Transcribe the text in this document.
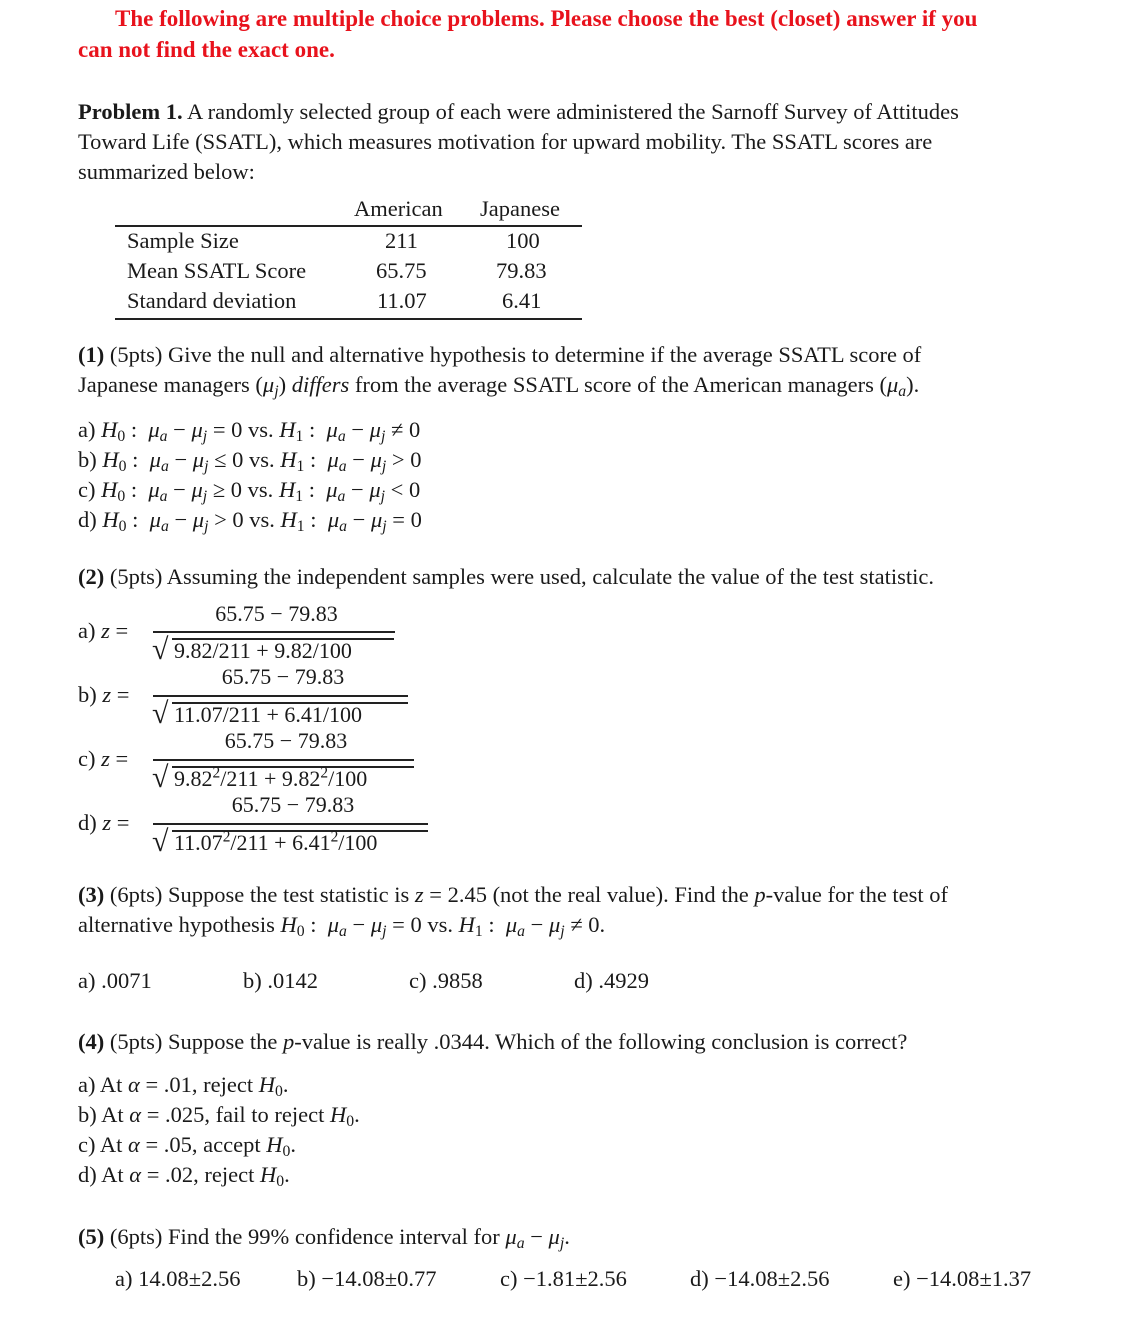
The following are multiple choice problems. Please choose the best (closet) answer if you
can not find the exact one.
Problem 1. A randomly selected group of each were administered the Sarnoff Survey of Attitudes
Toward Life (SSATL), which measures motivation for upward mobility. The SSATL scores are
summarized below:
American Japanese
Sample Size	211	100
Mean SSATL Score	65.75	79.83
Standard deviation	11.07	6.41
(1) (5pts) Give the null and alternative hypothesis to determine if the average SSATL score of
Japanese managers $(\mu_j)$ differs from the average SSATL score of the American managers $(\mu_a)$.
a) $H_0$ :  $\mu_a - \mu_j = 0$ vs. $H_1$ :  $\mu_a - \mu_j \ne 0$
b) $H_0$ :  $\mu_a - \mu_j \le 0$ vs. $H_1$ :  $\mu_a - \mu_j > 0$
c) $H_0$ :  $\mu_a - \mu_j \ge 0$ vs. $H_1$ :  $\mu_a - \mu_j < 0$
d) $H_0$ :  $\mu_a - \mu_j > 0$ vs. $H_1$ :  $\mu_a - \mu_j = 0$
(2) (5pts) Assuming the independent samples were used, calculate the value of the test statistic.
a) z =
65.75 − 79.83
√ 9.82/211 + 9.82/100
b) z =
65.75 − 79.83
√ 11.07/211 + 6.41/100
c) z =
65.75 − 79.83
√ $9.82^2/211 + 9.82^2/100$
d) z =
65.75 − 79.83
√ $11.07^2/211 + 6.41^2/100$
(3) (6pts) Suppose the test statistic is z = 2.45 (not the real value). Find the p-value for the test of
alternative hypothesis $H_0$ :  $\mu_a - \mu_j = 0$ vs. $H_1$ :  $\mu_a - \mu_j \ne 0$.
a) .0071	b) .0142	c) .9858	d) .4929
(4) (5pts) Suppose the p-value is really .0344. Which of the following conclusion is correct?
a) At α = .01, reject $H_0$.
b) At α = .025, fail to reject $H_0$.
c) At α = .05, accept $H_0$.
d) At α = .02, reject $H_0$.
(5) (6pts) Find the 99% confidence interval for $\mu_a - \mu_j$.
a) 14.08±2.56	b) −14.08±0.77	c) −1.81±2.56	d) −14.08±2.56	e) −14.08±1.37
